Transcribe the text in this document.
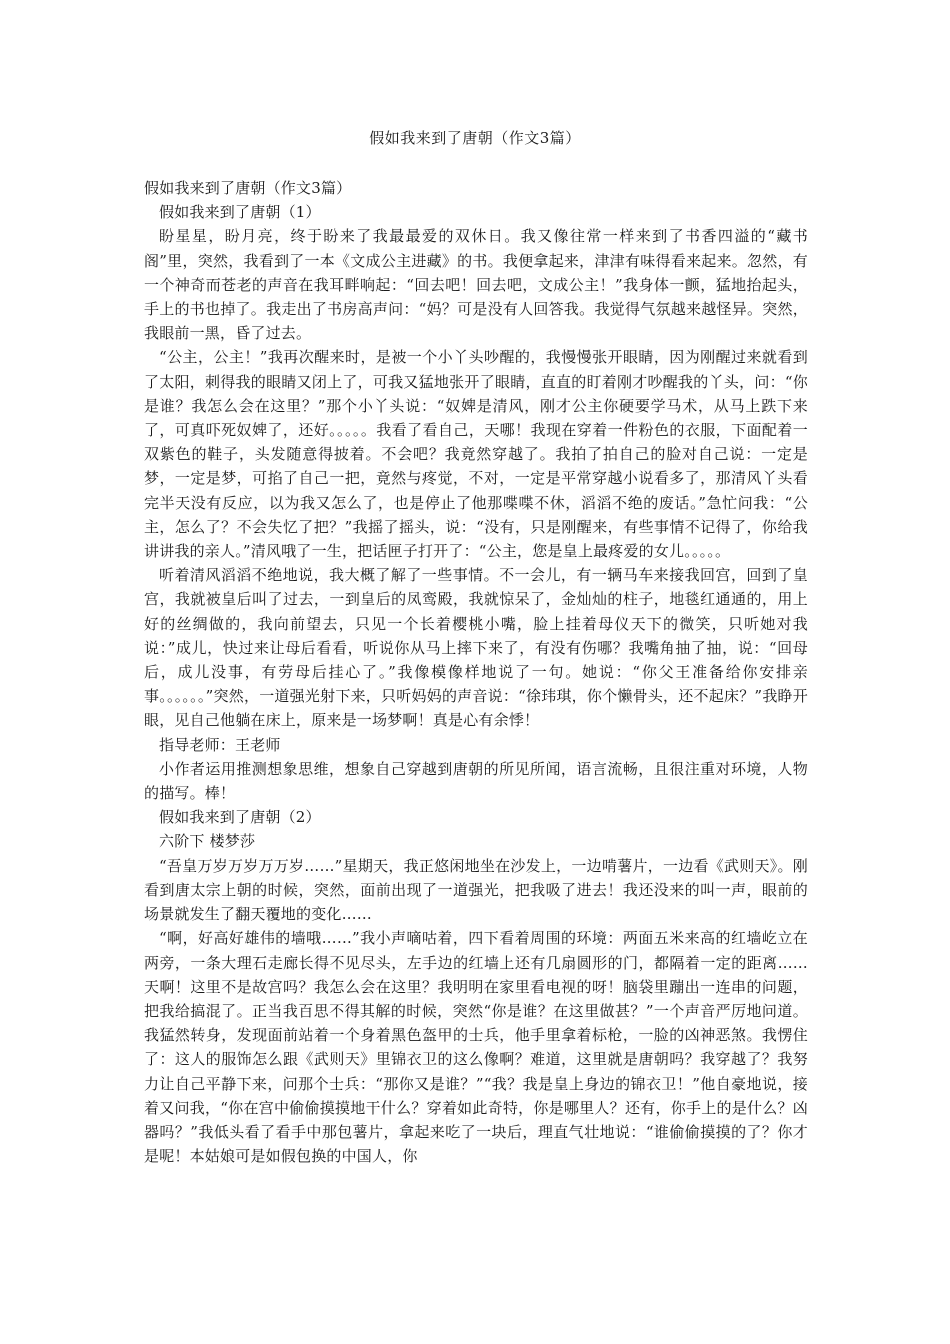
假如我来到了唐朝（作文3篇）

假如我来到了唐朝（作文3篇）

假如我来到了唐朝（1）

盼星星，盼月亮，终于盼来了我最最爱的双休日。我又像往常一样来到了书香四溢的“藏书阁”里，突然，我看到了一本《文成公主进藏》的书。我便拿起来，津津有味得看来起来。忽然，有一个神奇而苍老的声音在我耳畔响起：“回去吧！回去吧，文成公主！”我身体一颤，猛地抬起头，手上的书也掉了。我走出了书房高声问：“妈？可是没有人回答我。我觉得气氛越来越怪异。突然，我眼前一黑，昏了过去。

“公主，公主！”我再次醒来时，是被一个小丫头吵醒的，我慢慢张开眼睛，因为刚醒过来就看到了太阳，刺得我的眼睛又闭上了，可我又猛地张开了眼睛，直直的盯着刚才吵醒我的丫头，问：“你是谁？我怎么会在这里？”那个小丫头说：“奴婢是清风，刚才公主你硬要学马术，从马上跌下来了，可真吓死奴婢了，还好。。。。。我看了看自己，天哪！我现在穿着一件粉色的衣服，下面配着一双紫色的鞋子，头发随意得披着。不会吧？我竟然穿越了。我拍了拍自己的脸对自己说：一定是梦，一定是梦，可掐了自己一把，竟然与疼觉，不对，一定是平常穿越小说看多了，那清风丫头看完半天没有反应，以为我又怎么了，也是停止了他那喋喋不休，滔滔不绝的废话。”急忙问我：“公主，怎么了？不会失忆了把？”我摇了摇头，说：“没有，只是刚醒来，有些事情不记得了，你给我讲讲我的亲人。”清风哦了一生，把话匣子打开了：“公主，您是皇上最疼爱的女儿。。。。。

听着清风滔滔不绝地说，我大概了解了一些事情。不一会儿，有一辆马车来接我回宫，回到了皇宫，我就被皇后叫了过去，一到皇后的凤鸾殿，我就惊呆了，金灿灿的柱子，地毯红通通的，用上好的丝绸做的，我向前望去，只见一个长着樱桃小嘴，脸上挂着母仪天下的微笑，只听她对我说：”成儿，快过来让母后看看，听说你从马上摔下来了，有没有伤哪？我嘴角抽了抽，说：“回母后，成儿没事，有劳母后挂心了。”我像模像样地说了一句。她说：“你父王准备给你安排亲事。。。。。。”突然，一道强光射下来，只听妈妈的声音说：“徐玮琪，你个懒骨头，还不起床？”我睁开眼，见自己他躺在床上，原来是一场梦啊！真是心有余悸！

指导老师：王老师

小作者运用推测想象思维，想象自己穿越到唐朝的所见所闻，语言流畅，且很注重对环境，人物的描写。棒！

假如我来到了唐朝（2）

六阶下 楼梦莎

“吾皇万岁万岁万万岁……”星期天，我正悠闲地坐在沙发上，一边啃薯片，一边看《武则天》。刚看到唐太宗上朝的时候，突然，面前出现了一道强光，把我吸了进去！我还没来的叫一声，眼前的场景就发生了翻天覆地的变化……

“啊，好高好雄伟的墙哦……”我小声嘀咕着，四下看着周围的环境：两面五米来高的红墙屹立在两旁，一条大理石走廊长得不见尽头，左手边的红墙上还有几扇圆形的门，都隔着一定的距离……天啊！这里不是故宫吗？我怎么会在这里？我明明在家里看电视的呀！脑袋里蹦出一连串的问题，把我给搞混了。正当我百思不得其解的时候，突然“你是谁？在这里做甚？”一个声音严厉地问道。我猛然转身，发现面前站着一个身着黑色盔甲的士兵，他手里拿着标枪，一脸的凶神恶煞。我愣住了：这人的服饰怎么跟《武则天》里锦衣卫的这么像啊？难道，这里就是唐朝吗？我穿越了？我努力让自己平静下来，问那个士兵：“那你又是谁？”“我？我是皇上身边的锦衣卫！”他自豪地说，接着又问我，“你在宫中偷偷摸摸地干什么？穿着如此奇特，你是哪里人？还有，你手上的是什么？凶器吗？”我低头看了看手中那包薯片，拿起来吃了一块后，理直气壮地说：“谁偷偷摸摸的了？你才是呢！本姑娘可是如假包换的中国人，你
